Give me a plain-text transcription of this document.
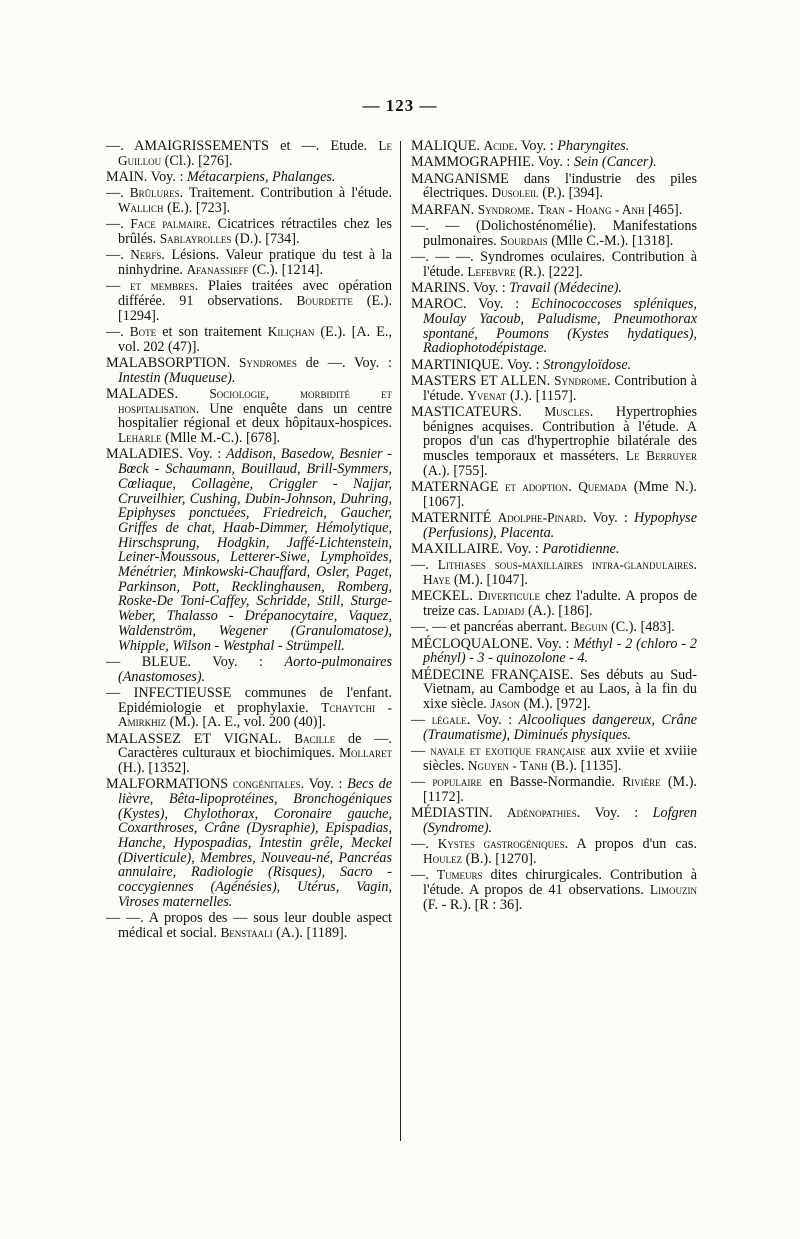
— 123 —

—. AMAIGRISSEMENTS et —. Etude. Le Guillou (Cl.). [276].

MAIN. Voy. : Métacarpiens, Phalanges.

—. Brûlures. Traitement. Contribution à l'étude. Wallich (E.). [723].

—. Face palmaire. Cicatrices rétractiles chez les brûlés. Sablayrolles (D.). [734].

—. Nerfs. Lésions. Valeur pratique du test à la ninhydrine. Afanassieff (C.). [1214].

— et membres. Plaies traitées avec opération différée. 91 observations. Bourdette (E.). [1294].

—. Bote et son traitement Kiliçhan (E.). [A. E., vol. 202 (47)].

MALABSORPTION. Syndromes de —. Voy. : Intestin (Muqueuse).

MALADES. Sociologie, morbidité et hospitalisation. Une enquête dans un centre hospitalier régional et deux hôpitaux-hospices. Leharle (Mlle M.-C.). [678].

MALADIES. Voy. : Addison, Basedow, Besnier - Bœck - Schaumann, Bouillaud, Brill-Symmers, Cœliaque, Collagène, Criggler - Najjar, Cruveilhier, Cushing, Dubin-Johnson, Duhring, Epiphyses ponctuées, Friedreich, Gaucher, Griffes de chat, Haab-Dimmer, Hémolytique, Hirschsprung, Hodgkin, Jaffé-Lichtenstein, Leiner-Moussous, Letterer-Siwe, Lymphoïdes, Ménétrier, Minkowski-Chauffard, Osler, Paget, Parkinson, Pott, Recklinghausen, Romberg, Roske-De Toni-Caffey, Schridde, Still, Sturge-Weber, Thalasso - Drépanocytaire, Vaquez, Waldenström, Wegener (Granulomatose), Whipple, Wilson - Westphal - Strümpell.

— BLEUE. Voy. : Aorto-pulmonaires (Anastomoses).

— INFECTIEUSSE communes de l'enfant. Epidémiologie et prophylaxie. Tchaytchi - Amirkhiz (M.). [A. E., vol. 200 (40)].

MALASSEZ ET VIGNAL. Bacille de —. Caractères culturaux et biochimiques. Mollaret (H.). [1352].

MALFORMATIONS congénitales. Voy. : Becs de lièvre, Bêta-lipoprotéines, Bronchogéniques (Kystes), Chylothorax, Coronaire gauche, Coxarthroses, Crâne (Dysraphie), Epispadias, Hanche, Hypospadias, Intestin grêle, Meckel (Diverticule), Membres, Nouveau-né, Pancréas annulaire, Radiologie (Risques), Sacro - coccygiennes (Agénésies), Utérus, Vagin, Viroses maternelles.

— —. A propos des — sous leur double aspect médical et social. Benstaali (A.). [1189].

MALIQUE. Acide. Voy. : Pharyngites.

MAMMOGRAPHIE. Voy. : Sein (Cancer).

MANGANISME dans l'industrie des piles électriques. Dusoleil (P.). [394].

MARFAN. Syndrome. Tran - Hoang - Anh [465].

—. — (Dolichosténomélie). Manifestations pulmonaires. Sourdais (Mlle C.-M.). [1318].

—. — —. Syndromes oculaires. Contribution à l'étude. Lefebvre (R.). [222].

MARINS. Voy. : Travail (Médecine).

MAROC. Voy. : Echinococcoses spléniques, Moulay Yacoub, Paludisme, Pneumothorax spontané, Poumons (Kystes hydatiques), Radiophotodépistage.

MARTINIQUE. Voy. : Strongyloïdose.

MASTERS ET ALLEN. Syndrome. Contribution à l'étude. Yvenat (J.). [1157].

MASTICATEURS. Muscles. Hypertrophies bénignes acquises. Contribution à l'étude. A propos d'un cas d'hypertrophie bilatérale des muscles temporaux et masséters. Le Berruyer (A.). [755].

MATERNAGE et adoption. Quemada (Mme N.). [1067].

MATERNITÉ Adolphe-Pinard. Voy. : Hypophyse (Perfusions), Placenta.

MAXILLAIRE. Voy. : Parotidienne.

—. Lithiases sous-maxillaires intra-glandulaires. Haye (M.). [1047].

MECKEL. Diverticule chez l'adulte. A propos de treize cas. Ladjadj (A.). [186].

—. — et pancréas aberrant. Beguin (C.). [483].

MÉCLOQUALONE. Voy. : Méthyl - 2 (chloro - 2 phényl) - 3 - quinozolone - 4.

MÉDECINE FRANÇAISE. Ses débuts au Sud-Vietnam, au Cambodge et au Laos, à la fin du xixe siècle. Jason (M.). [972].

— légale. Voy. : Alcooliques dangereux, Crâne (Traumatisme), Diminués physiques.

— navale et exotique française aux xviie et xviiie siècles. Nguyen - Tanh (B.). [1135].

— populaire en Basse-Normandie. Rivière (M.). [1172].

MÉDIASTIN. Adénopathies. Voy. : Lofgren (Syndrome).

—. Kystes gastrogéniques. A propos d'un cas. Houlez (B.). [1270].

—. Tumeurs dites chirurgicales. Contribution à l'étude. A propos de 41 observations. Limouzin (F. - R.). [R : 36].
